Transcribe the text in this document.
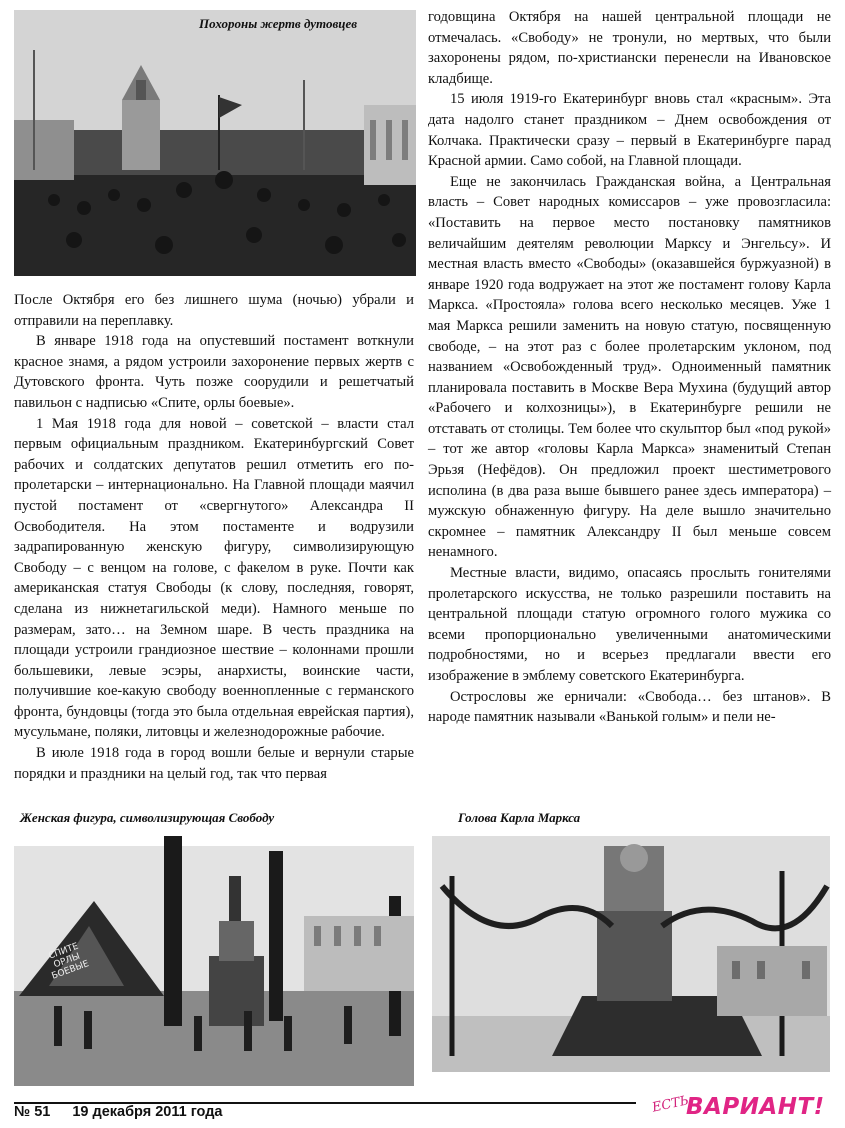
Похороны жертв дутовцев

После Октября его без лишнего шума (ночью) убрали и отправили на переплавку.

В январе 1918 года на опустевший постамент воткнули красное знамя, а рядом устроили захоронение первых жертв с Дутовского фронта. Чуть позже соорудили и решетчатый павильон с надписью «Спите, орлы боевые».

1 Мая 1918 года для новой – советской – власти стал первым официальным праздником. Екатеринбургский Совет рабочих и солдатских депутатов решил отметить его по-пролетарски – интернационально. На Главной площади маячил пустой постамент от «свергнутого» Александра II Освободителя. На этом постаменте и водрузили задрапированную женскую фигуру, символизирующую Свободу – с венцом на голове, с факелом в руке. Почти как американская статуя Свободы (к слову, последняя, говорят, сделана из нижнетагильской меди). Намного меньше по размерам, зато… на Земном шаре. В честь праздника на площади устроили грандиозное шествие – колоннами прошли большевики, левые эсэры, анархисты, воинские части, получившие кое-какую свободу военнопленные с германского фронта, бундовцы (тогда это была отдельная еврейская партия), мусульмане, поляки, литовцы и железнодорожные рабочие.

В июле 1918 года в город вошли белые и вернули старые порядки и праздники на целый год, так что первая

годовщина Октября на нашей центральной площади не отмечалась. «Свободу» не тронули, но мертвых, что были захоронены рядом, по-христиански перенесли на Ивановское кладбище.

15 июля 1919-го Екатеринбург вновь стал «красным». Эта дата надолго станет праздником – Днем освобождения от Колчака. Практически сразу – первый в Екатеринбурге парад Красной армии. Само собой, на Главной площади.

Еще не закончилась Гражданская война, а Центральная власть – Совет народных комиссаров – уже провозгласила: «Поставить на первое место постановку памятников величайшим деятелям революции Марксу и Энгельсу». И местная власть вместо «Свободы» (оказавшейся буржуазной) в январе 1920 года водружает на этот же постамент голову Карла Маркса. «Простояла» голова всего несколько месяцев. Уже 1 мая Маркса решили заменить на новую статую, посвященную свободе, – на этот раз с более пролетарским уклоном, под названием «Освобожденный труд». Одноименный памятник планировала поставить в Москве Вера Мухина (будущий автор «Рабочего и колхозницы»), в Екатеринбурге решили не отставать от столицы. Тем более что скульптор был «под рукой» – тот же автор «головы Карла Маркса» знаменитый Степан Эрьзя (Нефёдов). Он предложил проект шестиметрового исполина (в два раза выше бывшего ранее здесь императора) – мужскую обнаженную фигуру. На деле вышло значительно скромнее – памятник Александру II был меньше совсем ненамного.

Местные власти, видимо, опасаясь прослыть гонителями пролетарского искусства, не только разрешили поставить на центральной площади статую огромного голого мужика со всеми пропорционально увеличенными анатомическими подробностями, но и всерьез предлагали ввести его изображение в эмблему советского Екатеринбурга.

Острословы же ерничали: «Свобода… без штанов». В народе памятник называли «Ванькой голым» и пели не-

СПИТЕ ОРЛЫ БОЕВЫЕ
Женская фигура, символизирующая Свободу	Голова Карла Маркса
№ 51 19 декабря 2011 года	ЕСТЬ
ВАРИАНТ!
